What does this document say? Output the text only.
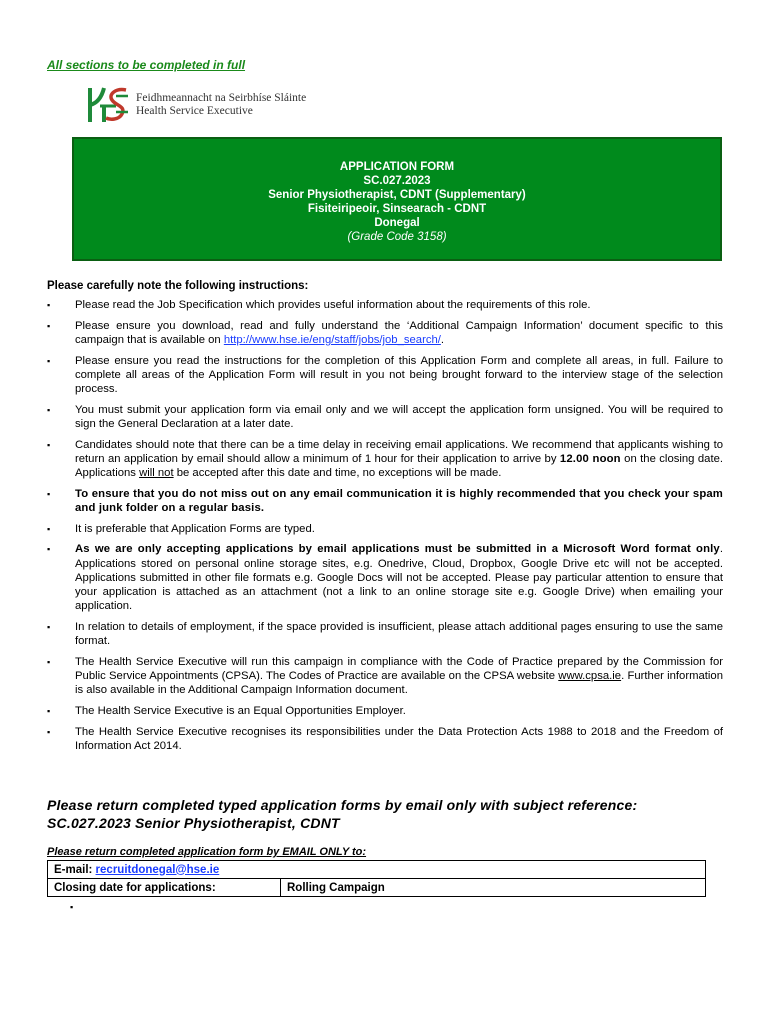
All sections to be completed in full
Feidhmeannacht na Seirbhíse Sláinte
Health Service Executive
APPLICATION FORM
SC.027.2023
Senior Physiotherapist, CDNT (Supplementary)
Fisiteiripeoir, Sinsearach - CDNT
Donegal
(Grade Code 3158)
Please carefully note the following instructions:
▪ Please read the Job Specification which provides useful information about the requirements of this role.
▪ Please ensure you download, read and fully understand the ‘Additional Campaign Information’ document specific to this campaign that is available on http://www.hse.ie/eng/staff/jobs/job_search/.
▪ Please ensure you read the instructions for the completion of this Application Form and complete all areas, in full. Failure to complete all areas of the Application Form will result in you not being brought forward to the interview stage of the selection process.
▪ You must submit your application form via email only and we will accept the application form unsigned. You will be required to sign the General Declaration at a later date.
▪ Candidates should note that there can be a time delay in receiving email applications. We recommend that applicants wishing to return an application by email should allow a minimum of 1 hour for their application to arrive by 12.00 noon on the closing date. Applications will not be accepted after this date and time, no exceptions will be made.
▪ To ensure that you do not miss out on any email communication it is highly recommended that you check your spam and junk folder on a regular basis.
▪ It is preferable that Application Forms are typed.
▪ As we are only accepting applications by email applications must be submitted in a Microsoft Word format only. Applications stored on personal online storage sites, e.g. Onedrive, Cloud, Dropbox, Google Drive etc will not be accepted. Applications submitted in other file formats e.g. Google Docs will not be accepted. Please pay particular attention to ensure that your application is attached as an attachment (not a link to an online storage site e.g. Google Drive) when emailing your application.
▪ In relation to details of employment, if the space provided is insufficient, please attach additional pages ensuring to use the same format.
▪ The Health Service Executive will run this campaign in compliance with the Code of Practice prepared by the Commission for Public Service Appointments (CPSA). The Codes of Practice are available on the CPSA website www.cpsa.ie. Further information is also available in the Additional Campaign Information document.
▪ The Health Service Executive is an Equal Opportunities Employer.
▪ The Health Service Executive recognises its responsibilities under the Data Protection Acts 1988 to 2018 and the Freedom of Information Act 2014.
Please return completed typed application forms by email only with subject reference: SC.027.2023 Senior Physiotherapist, CDNT
Please return completed application form by EMAIL ONLY to:
E-mail: recruitdonegal@hse.ie
Closing date for applications:	Rolling Campaign
▪
